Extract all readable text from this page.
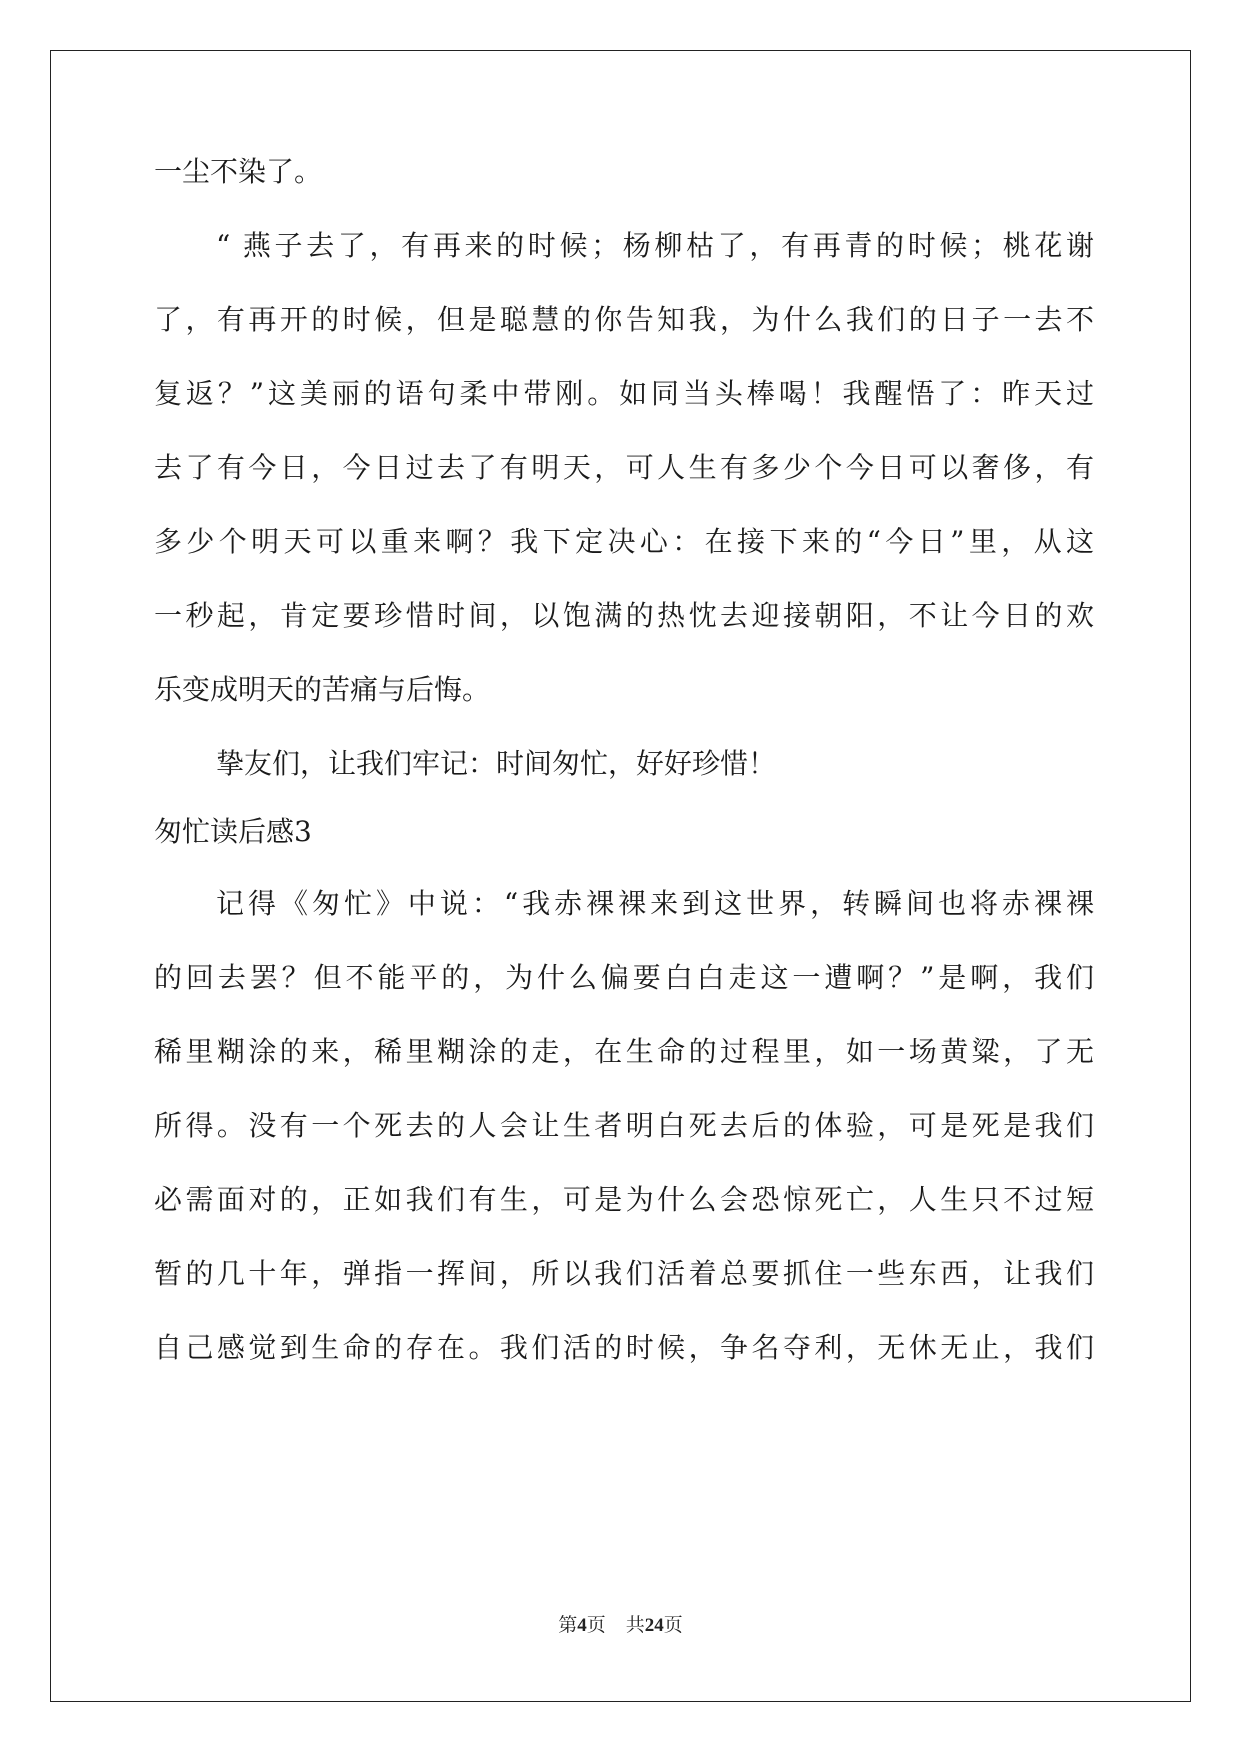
一尘不染了。
“ 燕子去了，有再来的时候；杨柳枯了，有再青的时候；桃花谢
了，有再开的时候，但是聪慧的你告知我，为什么我们的日子一去不
复返？”这美丽的语句柔中带刚。如同当头棒喝！我醒悟了：昨天过
去了有今日，今日过去了有明天，可人生有多少个今日可以奢侈，有
多少个明天可以重来啊？我下定决心：在接下来的“今日”里，从这
一秒起，肯定要珍惜时间，以饱满的热忱去迎接朝阳，不让今日的欢
乐变成明天的苦痛与后悔。
挚友们，让我们牢记：时间匆忙，好好珍惜！
匆忙读后感3
记得《匆忙》中说：“我赤裸裸来到这世界，转瞬间也将赤裸裸
的回去罢？但不能平的，为什么偏要白白走这一遭啊？”是啊，我们
稀里糊涂的来，稀里糊涂的走，在生命的过程里，如一场黄粱，了无
所得。没有一个死去的人会让生者明白死去后的体验，可是死是我们
必需面对的，正如我们有生，可是为什么会恐惊死亡，人生只不过短
暂的几十年，弹指一挥间，所以我们活着总要抓住一些东西，让我们
自己感觉到生命的存在。我们活的时候，争名夺利，无休无止，我们
第4页 共24页
